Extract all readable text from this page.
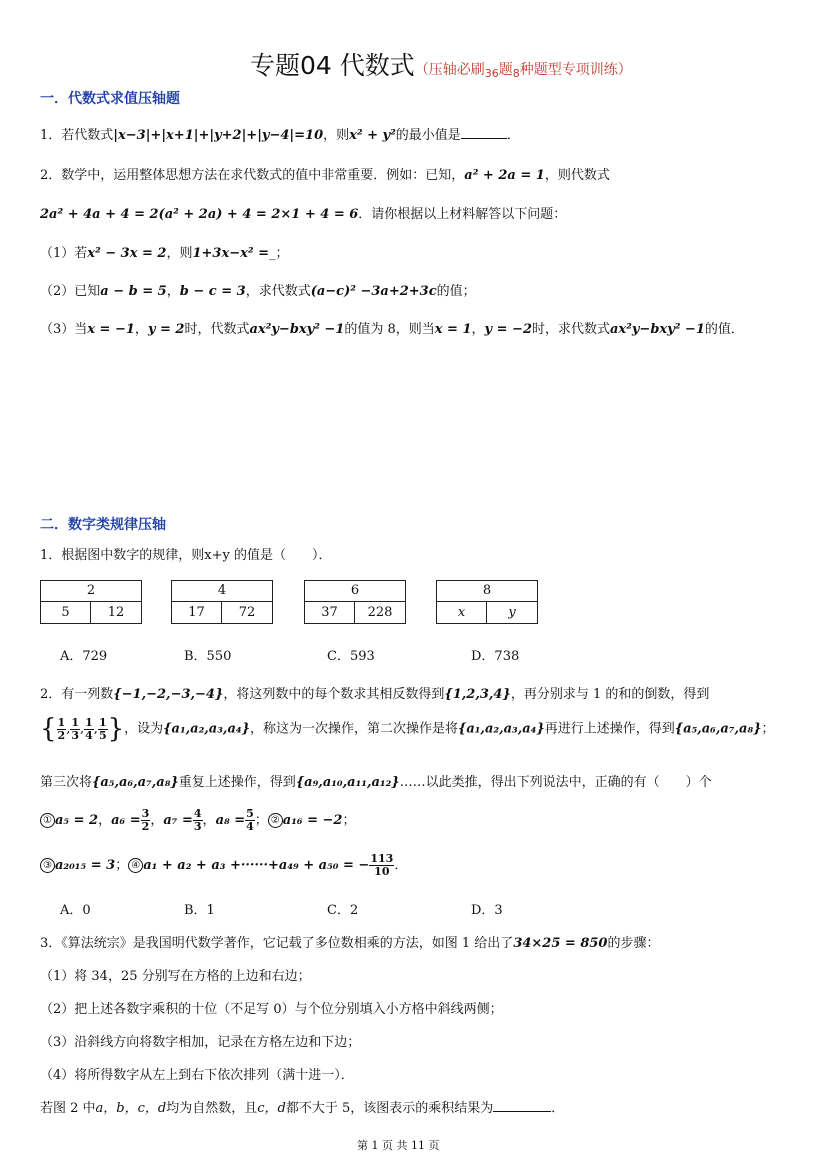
专题04 代数式（压轴必刷$_{36}$题$_8$种题型专项训练）
一．代数式求值压轴题
1．若代数式|x−3|+|x+1|+|y+2|+|y−4|=10，则x² + y²的最小值是	．
2．数学中，运用整体思想方法在求代数式的值中非常重要．例如：已知，a² + 2a = 1，则代数式
2a² + 4a + 4 = 2(a² + 2a) + 4 = 2×1 + 4 = 6．请你根据以上材料解答以下问题：
（1）若x² − 3x = 2，则1+3x−x² =_；
（2）已知a − b = 5，b − c = 3，求代数式(a−c)² −3a+2+3c的值；
（3）当x = −1，y = 2时，代数式ax²y−bxy² −1的值为 8，则当x = 1，y = −2时，求代数式ax²y−bxy² −1的值．
二．数字类规律压轴
1．根据图中数字的规律，则x+y 的值是（　　）．
2
5	12
4
17	72
6
37	228
8
x	y
A．729	B．550	C．593	D．738
2．有一列数{−1,−2,−3,−4}，将这列数中的每个数求其相反数得到{1,2,3,4}，再分别求与 1 的和的倒数，得到
{ $\frac{1}{2}$ , $\frac{1}{3}$ , $\frac{1}{4}$ , $\frac{1}{5}$ }，设为{a₁,a₂,a₃,a₄}，称这为一次操作，第二次操作是将{a₁,a₂,a₃,a₄}再进行上述操作，得到{a₅,a₆,a₇,a₈}；
第三次将{a₅,a₆,a₇,a₈}重复上述操作，得到{a₉,a₁₀,a₁₁,a₁₂}……以此类推，得出下列说法中，正确的有（　　）个
① a₅ = 2，$a_6 = \frac{3}{2}$ ，$a_7 = \frac{4}{3}$ ，$a_8 = \frac{5}{4}$ ； ② a₁₆ = −2；
③ a₂₀₁₅ = 3； ④ a₁ + a₂ + a₃ +······+a₄₉ + a₅₀ = − $\frac{113}{10}$ ．
A．0	B．1	C．2	D．3
3．《算法统宗》是我国明代数学著作，它记载了多位数相乘的方法，如图 1 给出了34×25 = 850的步骤：
（1）将 34，25 分别写在方格的上边和右边；
（2）把上述各数字乘积的十位（不足写 0）与个位分别填入小方格中斜线两侧；
（3）沿斜线方向将数字相加，记录在方格左边和下边；
（4）将所得数字从左上到右下依次排列（满十进一）．
若图 2 中a，b，c，d均为自然数，且c，d都不大于 5，该图表示的乘积结果为	．
第 1 页 共 11 页
